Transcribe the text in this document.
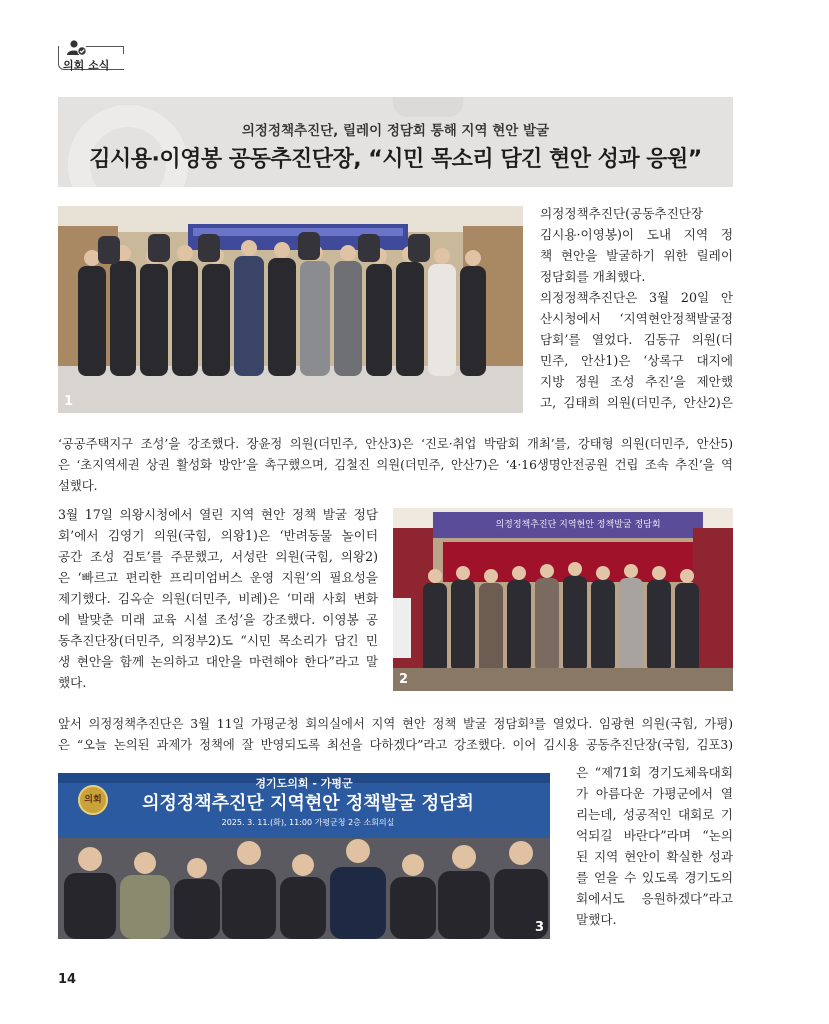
의회 소식
의정정책추진단, 릴레이 정담회 통해 지역 현안 발굴
김시용·이영봉 공동추진단장, “시민 목소리 담긴 현안 성과 응원”
1
의정정책추진단(공동추진단장
김시용·이영봉)이 도내 지역 정
책 현안을 발굴하기 위한 릴레이
정담회를 개최했다.
의정정책추진단은 3월 20일 안
산시청에서 ‘지역현안정책발굴정
담회’를 열었다. 김동규 의원(더
민주, 안산1)은 ‘상록구 대지에
지방 정원 조성 추진’을 제안했
고, 김태희 의원(더민주, 안산2)은
‘공공주택지구 조성’을 강조했다. 장윤정 의원(더민주, 안산3)은 ‘진로·취업 박람회 개최’를, 강태형 의원(더민주, 안산5)
은 ‘초지역세권 상권 활성화 방안’을 촉구했으며, 김철진 의원(더민주, 안산7)은 ‘4·16생명안전공원 건립 조속 추진’을 역
설했다.
3월 17일 의왕시청에서 열린 지역 현안 정책 발굴 정담
회’에서 김영기 의원(국힘, 의왕1)은 ‘반려동물 놀이터
공간 조성 검토’를 주문했고, 서성란 의원(국힘, 의왕2)
은 ‘빠르고 편리한 프리미엄버스 운영 지원’의 필요성을
제기했다. 김옥순 의원(더민주, 비례)은 ‘미래 사회 변화
에 발맞춘 미래 교육 시설 조성’을 강조했다. 이영봉 공
동추진단장(더민주, 의정부2)도 “시민 목소리가 담긴 민
생 현안을 함께 논의하고 대안을 마련해야 한다”라고 말
했다.
의정정책추진단 지역현안 정책발굴 정담회
2
앞서 의정정책추진단은 3월 11일 가평군청 회의실에서 지역 현안 정책 발굴 정담회³를 열었다. 임광현 의원(국힘, 가평)
은 “오늘 논의된 과제가 정책에 잘 반영되도록 최선을 다하겠다”라고 강조했다. 이어 김시용 공동추진단장(국힘, 김포3)
의회
경기도의회 - 가평군
의정정책추진단 지역현안 정책발굴 정담회
2025. 3. 11.(화), 11:00 가평군청 2층 소회의실
3
은 “제71회 경기도체육대회
가 아름다운 가평군에서 열
리는데, 성공적인 대회로 기
억되길 바란다”라며 “논의
된 지역 현안이 확실한 성과
를 얻을 수 있도록 경기도의
회에서도 응원하겠다”라고
말했다.
14
